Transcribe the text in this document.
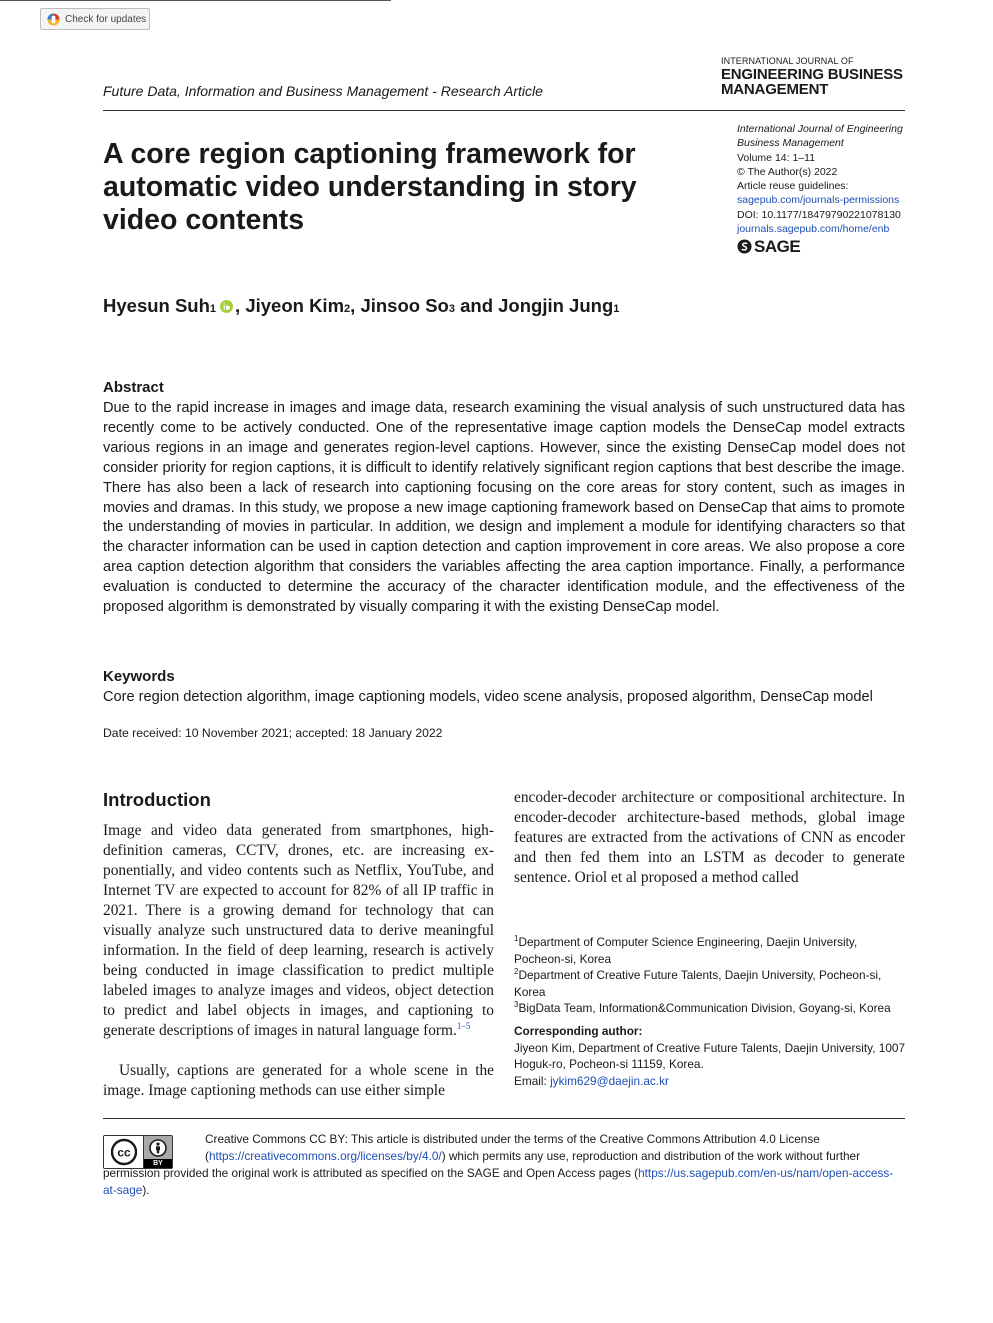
Check for updates
INTERNATIONAL JOURNAL OF
ENGINEERING BUSINESS
MANAGEMENT
Future Data, Information and Business Management - Research Article
A core region captioning framework for automatic video understanding in story video contents
International Journal of Engineering Business Management
Volume 14: 1–11
© The Author(s) 2022
Article reuse guidelines:
sagepub.com/journals-permissions
DOI: 10.1177/18479790221078130
journals.sagepub.com/home/enb
SAGE
Hyesun Suh 1 , Jiyeon Kim 2 , Jinsoo So 3 and Jongjin Jung 1
Abstract

Due to the rapid increase in images and image data, research examining the visual analysis of such unstructured data has recently come to be actively conducted. One of the representative image caption models the DenseCap model extracts various regions in an image and generates region-level captions. However, since the existing DenseCap model does not consider priority for region captions, it is difficult to identify relatively significant region captions that best describe the image. There has also been a lack of research into captioning focusing on the core areas for story content, such as images in movies and dramas. In this study, we propose a new image captioning framework based on DenseCap that aims to promote the understanding of movies in particular. In addition, we design and implement a module for identifying characters so that the character information can be used in caption detection and caption improvement in core areas. We also propose a core area caption detection algorithm that considers the variables affecting the area caption importance. Finally, a performance evaluation is conducted to determine the accuracy of the character identification module, and the effectiveness of the proposed algorithm is demonstrated by visually comparing it with the existing DenseCap model.

Keywords

Core region detection algorithm, image captioning models, video scene analysis, proposed algorithm, DenseCap model

Date received: 10 November 2021; accepted: 18 January 2022
Introduction

Image and video data generated from smartphones, high-definition cameras, CCTV, drones, etc. are increasing exponentially, and video contents such as Netflix, YouTube, and Internet TV are expected to account for 82% of all IP traffic in 2021. There is a growing demand for technology that can visually analyze such unstructured data to derive meaningful information. In the field of deep learning, research is actively being conducted in image classification to predict multiple labeled images to analyze images and videos, object detection to predict and label objects in images, and captioning to generate descriptions of images in natural language form.$^{1-5}$

Usually, captions are generated for a whole scene in the image. Image captioning methods can use either simple

encoder-decoder architecture or compositional architecture. In encoder-decoder architecture-based methods, global image features are extracted from the activations of CNN as encoder and then fed them into an LSTM as decoder to generate sentence. Oriol et al proposed a method called

$^1$Department of Computer Science Engineering, Daejin University, Pocheon-si, Korea

$^2$Department of Creative Future Talents, Daejin University, Pocheon-si, Korea

$^3$BigData Team, Information&Communication Division, Goyang-si, Korea

Corresponding author:

Jiyeon Kim, Department of Creative Future Talents, Daejin University, 1007 Hoguk-ro, Pocheon-si 11159, Korea.

Email: jykim629@daejin.ac.kr

cc
BY

Creative Commons CC BY: This article is distributed under the terms of the Creative Commons Attribution 4.0 License (https://creativecommons.org/licenses/by/4.0/) which permits any use, reproduction and distribution of the work without further permission provided the original work is attributed as specified on the SAGE and Open Access pages (https://us.sagepub.com/en-us/nam/open-access-at-sage).
